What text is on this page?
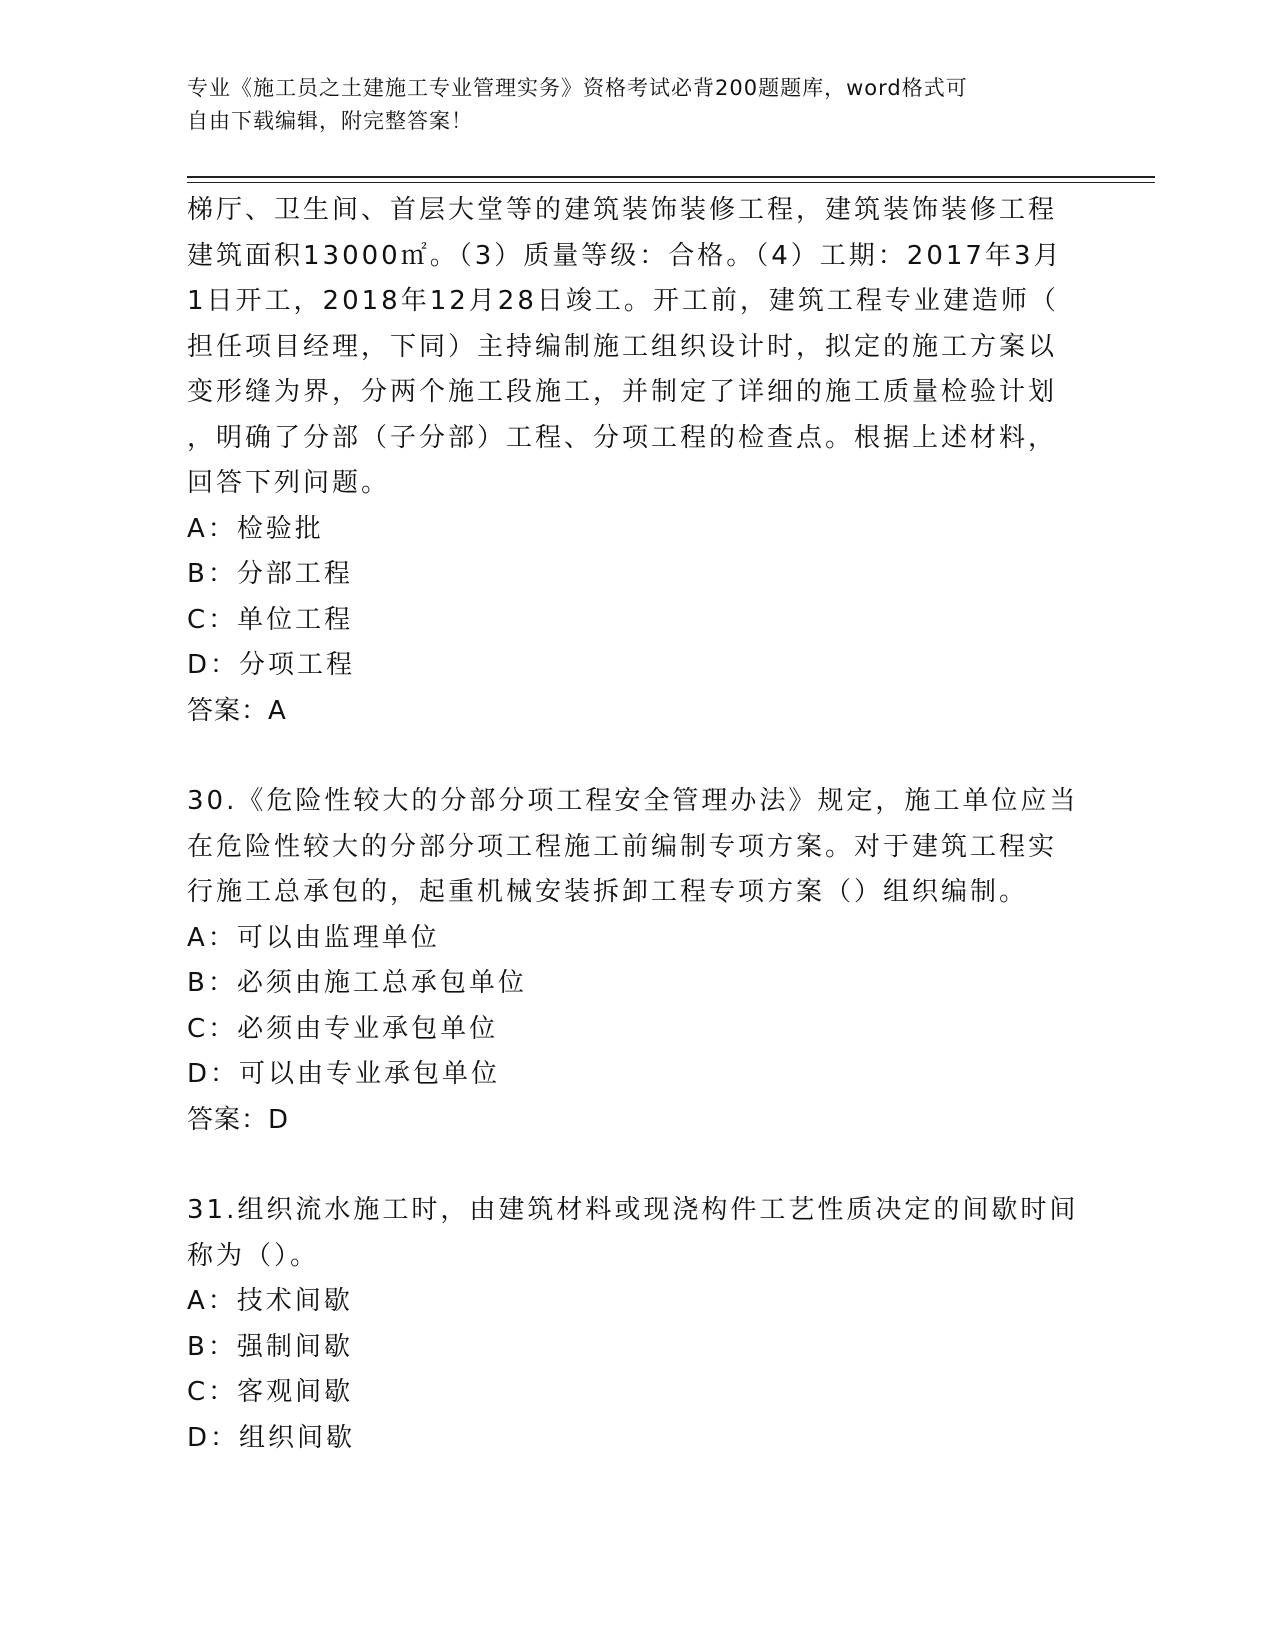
专业《施工员之土建施工专业管理实务》资格考试必背200题题库，word格式可
自由下载编辑，附完整答案！
梯厅、卫生间、首层大堂等的建筑装饰装修工程，建筑装饰装修工程
建筑面积13000㎡。（3）质量等级：合格。（4）工期：2017年3月
1日开工，2018年12月28日竣工。开工前，建筑工程专业建造师（
担任项目经理，下同）主持编制施工组织设计时，拟定的施工方案以
变形缝为界，分两个施工段施工，并制定了详细的施工质量检验计划
，明确了分部（子分部）工程、分项工程的检查点。根据上述材料，
回答下列问题。
A：检验批
B：分部工程
C：单位工程
D：分项工程
答案：A
30.《危险性较大的分部分项工程安全管理办法》规定，施工单位应当
在危险性较大的分部分项工程施工前编制专项方案。对于建筑工程实
行施工总承包的，起重机械安装拆卸工程专项方案（）组织编制。
A：可以由监理单位
B：必须由施工总承包单位
C：必须由专业承包单位
D：可以由专业承包单位
答案：D
31.组织流水施工时，由建筑材料或现浇构件工艺性质决定的间歇时间
称为（）。
A：技术间歇
B：强制间歇
C：客观间歇
D：组织间歇
